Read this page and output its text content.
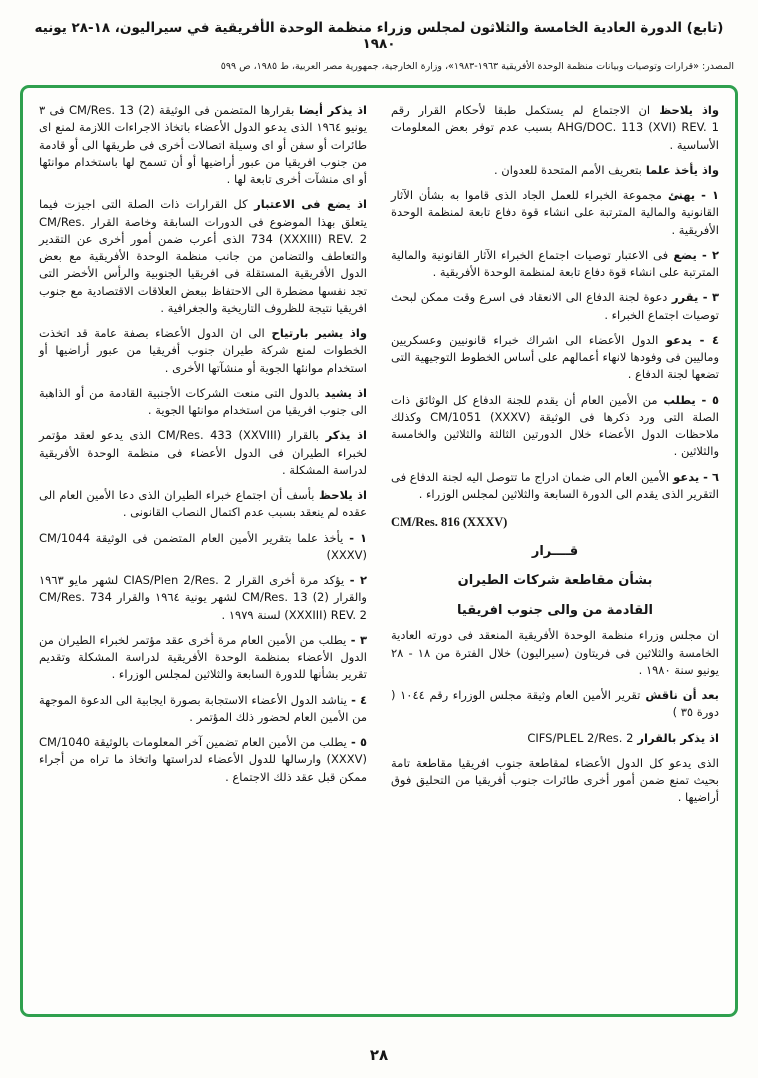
(تابع) الدورة العادية الخامسة والثلاثون لمجلس وزراء منظمة الوحدة الأفريقية في سيراليون، ١٨-٢٨ يونيه ١٩٨٠
المصدر: «قرارات وتوصيات وبيانات منظمة الوحدة الأفريقية ١٩٦٣-١٩٨٣»، وزارة الخارجية، جمهورية مصر العربية، ط ١٩٨٥، ص ٥٩٩

واذ يلاحظ ان الاجتماع لم يستكمل طبقا لأحكام القرار رقم AHG/DOC. 113 (XVI) REV. 1 بسبب عدم توفر بعض المعلومات الأساسية .

واذ يأخذ علما بتعريف الأمم المتحدة للعدوان .

١ - يهنئ مجموعة الخبراء للعمل الجاد الذى قاموا به بشأن الآثار القانونية والمالية المترتبة على انشاء قوة دفاع تابعة لمنظمة الوحدة الأفريقية .

٢ - يضع فى الاعتبار توصيات اجتماع الخبراء الآثار القانونية والمالية المترتبة على انشاء قوة دفاع تابعة لمنظمة الوحدة الأفريقية .

٣ - يقرر دعوة لجنة الدفاع الى الانعقاد فى اسرع وقت ممكن لبحث توصيات اجتماع الخبراء .

٤ - يدعو الدول الأعضاء الى اشراك خبراء قانونيين وعسكريين وماليين فى وفودها لانهاء أعمالهم على أساس الخطوط التوجيهية التى تضعها لجنة الدفاع .

٥ - يطلب من الأمين العام أن يقدم للجنة الدفاع كل الوثائق ذات الصلة التى ورد ذكرها فى الوثيقة CM/1051 (XXXV) وكذلك ملاحظات الدول الأعضاء خلال الدورتين الثالثة والثلاثين والخامسة والثلاثين .

٦ - يدعو الأمين العام الى ضمان ادراج ما تتوصل اليه لجنة الدفاع فى التقرير الذى يقدم الى الدورة السابعة والثلاثين لمجلس الوزراء .

CM/Res. 816 (XXXV)

قــــرار

بشأن مقاطعة شركات الطيران

القادمة من والى جنوب افريقيا

ان مجلس وزراء منظمة الوحدة الأفريقية المنعقد فى دورته العادية الخامسة والثلاثين فى فريتاون (سيراليون) خلال الفترة من ١٨ - ٢٨ يونيو سنة ١٩٨٠ .

بعد أن ناقش تقرير الأمين العام وثيقة مجلس الوزراء رقم ١٠٤٤ ( دورة ٣٥ )

اذ يذكر بالقرار CIFS/PLEL 2/Res. 2

الذى يدعو كل الدول الأعضاء لمقاطعة جنوب افريقيا مقاطعة تامة بحيث تمنع ضمن أمور أخرى طائرات جنوب أفريقيا من التحليق فوق أراضيها .

اذ يذكر أيضا بقرارها المتضمن فى الوثيقة CM/Res. 13 (2) فى ٣ يونيو ١٩٦٤ الذى يدعو الدول الأعضاء باتخاذ الاجراءات اللازمة لمنع اى طائرات أو سفن أو اى وسيلة اتصالات أخرى فى طريقها الى أو قادمة من جنوب افريقيا من عبور أراضيها أو أن تسمح لها باستخدام موانئها أو اى منشآت أخرى تابعة لها .

اذ يضع فى الاعتبار كل القرارات ذات الصلة التى اجيزت فيما يتعلق بهذا الموضوع فى الدورات السابقة وخاصة القرار CM/Res. 734 (XXXIII) REV. 2 الذى أعرب ضمن أمور أخرى عن التقدير والتعاطف والتضامن من جانب منظمة الوحدة الأفريقية مع بعض الدول الأفريقية المستقلة فى افريقيا الجنوبية والرأس الأخضر التى تجد نفسها مضطرة الى الاحتفاظ ببعض العلاقات الاقتصادية مع جنوب افريقيا نتيجة للظروف التاريخية والجغرافية .

واذ يشير بارتياح الى ان الدول الأعضاء بصفة عامة قد اتخذت الخطوات لمنع شركة طيران جنوب أفريقيا من عبور أراضيها أو استخدام موانئها الجوية أو منشآتها الأخرى .

اذ يشيد بالدول التى منعت الشركات الأجنبية القادمة من أو الذاهبة الى جنوب افريقيا من استخدام موانئها الجوية .

اذ يذكر بالقرار CM/Res. 433 (XXVIII) الذى يدعو لعقد مؤتمر لخبراء الطيران فى الدول الأعضاء فى منظمة الوحدة الأفريقية لدراسة المشكلة .

اذ يلاحظ بأسف أن اجتماع خبراء الطيران الذى دعا الأمين العام الى عقده لم ينعقد بسبب عدم اكتمال النصاب القانونى .

١ - يأخذ علما بتقرير الأمين العام المتضمن فى الوثيقة CM/1044 (XXXV)

٢ - يؤكد مرة أخرى القرار CIAS/Plen 2/Res. 2 لشهر مايو ١٩٦٣ والقرار CM/Res. 13 (2) لشهر يونية ١٩٦٤ والقرار CM/Res. 734 (XXXIII) REV. 2 لسنة ١٩٧٩ .

٣ - يطلب من الأمين العام مرة أخرى عقد مؤتمر لخبراء الطيران من الدول الأعضاء بمنظمة الوحدة الأفريقية لدراسة المشكلة وتقديم تقرير بشأنها للدورة السابعة والثلاثين لمجلس الوزراء .

٤ - يناشد الدول الأعضاء الاستجابة بصورة ايجابية الى الدعوة الموجهة من الأمين العام لحضور ذلك المؤتمر .

٥ - يطلب من الأمين العام تضمين آخر المعلومات بالوثيقة CM/1040 (XXXV) وارسالها للدول الأعضاء لدراستها واتخاذ ما تراه من أجراء ممكن قبل عقد ذلك الاجتماع .

٢٨
